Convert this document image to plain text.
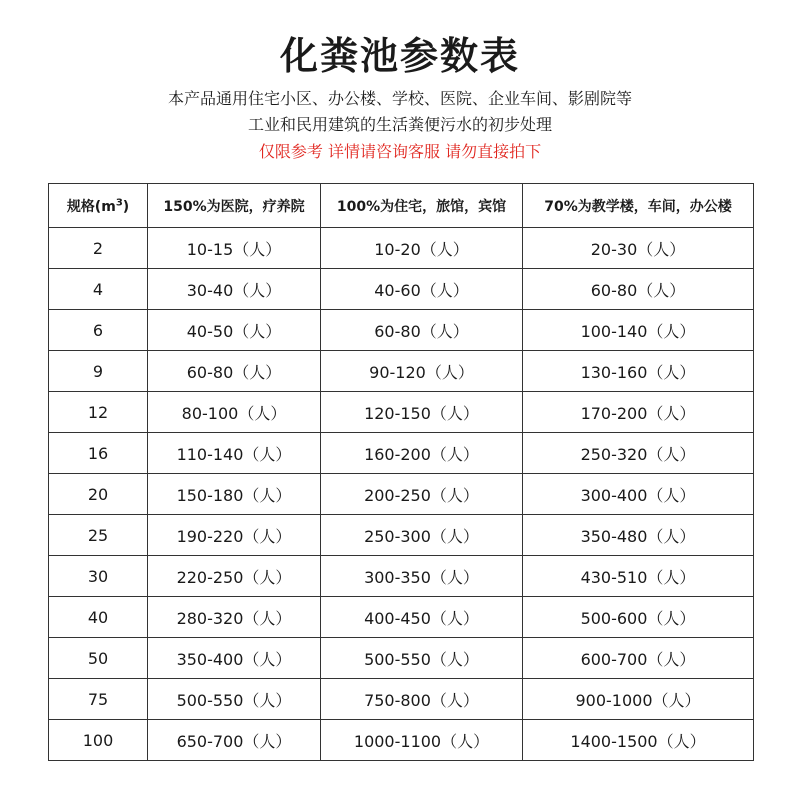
化粪池参数表
本产品通用住宅小区、办公楼、学校、医院、企业车间、影剧院等
工业和民用建筑的生活粪便污水的初步处理
仅限参考 详情请咨询客服 请勿直接拍下
规格$(m^3)$	150%为医院，疗养院	100%为住宅，旅馆，宾馆	70%为教学楼，车间，办公楼
2	10-15（人）	10-20（人）	20-30（人）
4	30-40（人）	40-60（人）	60-80（人）
6	40-50（人）	60-80（人）	100-140（人）
9	60-80（人）	90-120（人）	130-160（人）
12	80-100（人）	120-150（人）	170-200（人）
16	110-140（人）	160-200（人）	250-320（人）
20	150-180（人）	200-250（人）	300-400（人）
25	190-220（人）	250-300（人）	350-480（人）
30	220-250（人）	300-350（人）	430-510（人）
40	280-320（人）	400-450（人）	500-600（人）
50	350-400（人）	500-550（人）	600-700（人）
75	500-550（人）	750-800（人）	900-1000（人）
100	650-700（人）	1000-1100（人）	1400-1500（人）
